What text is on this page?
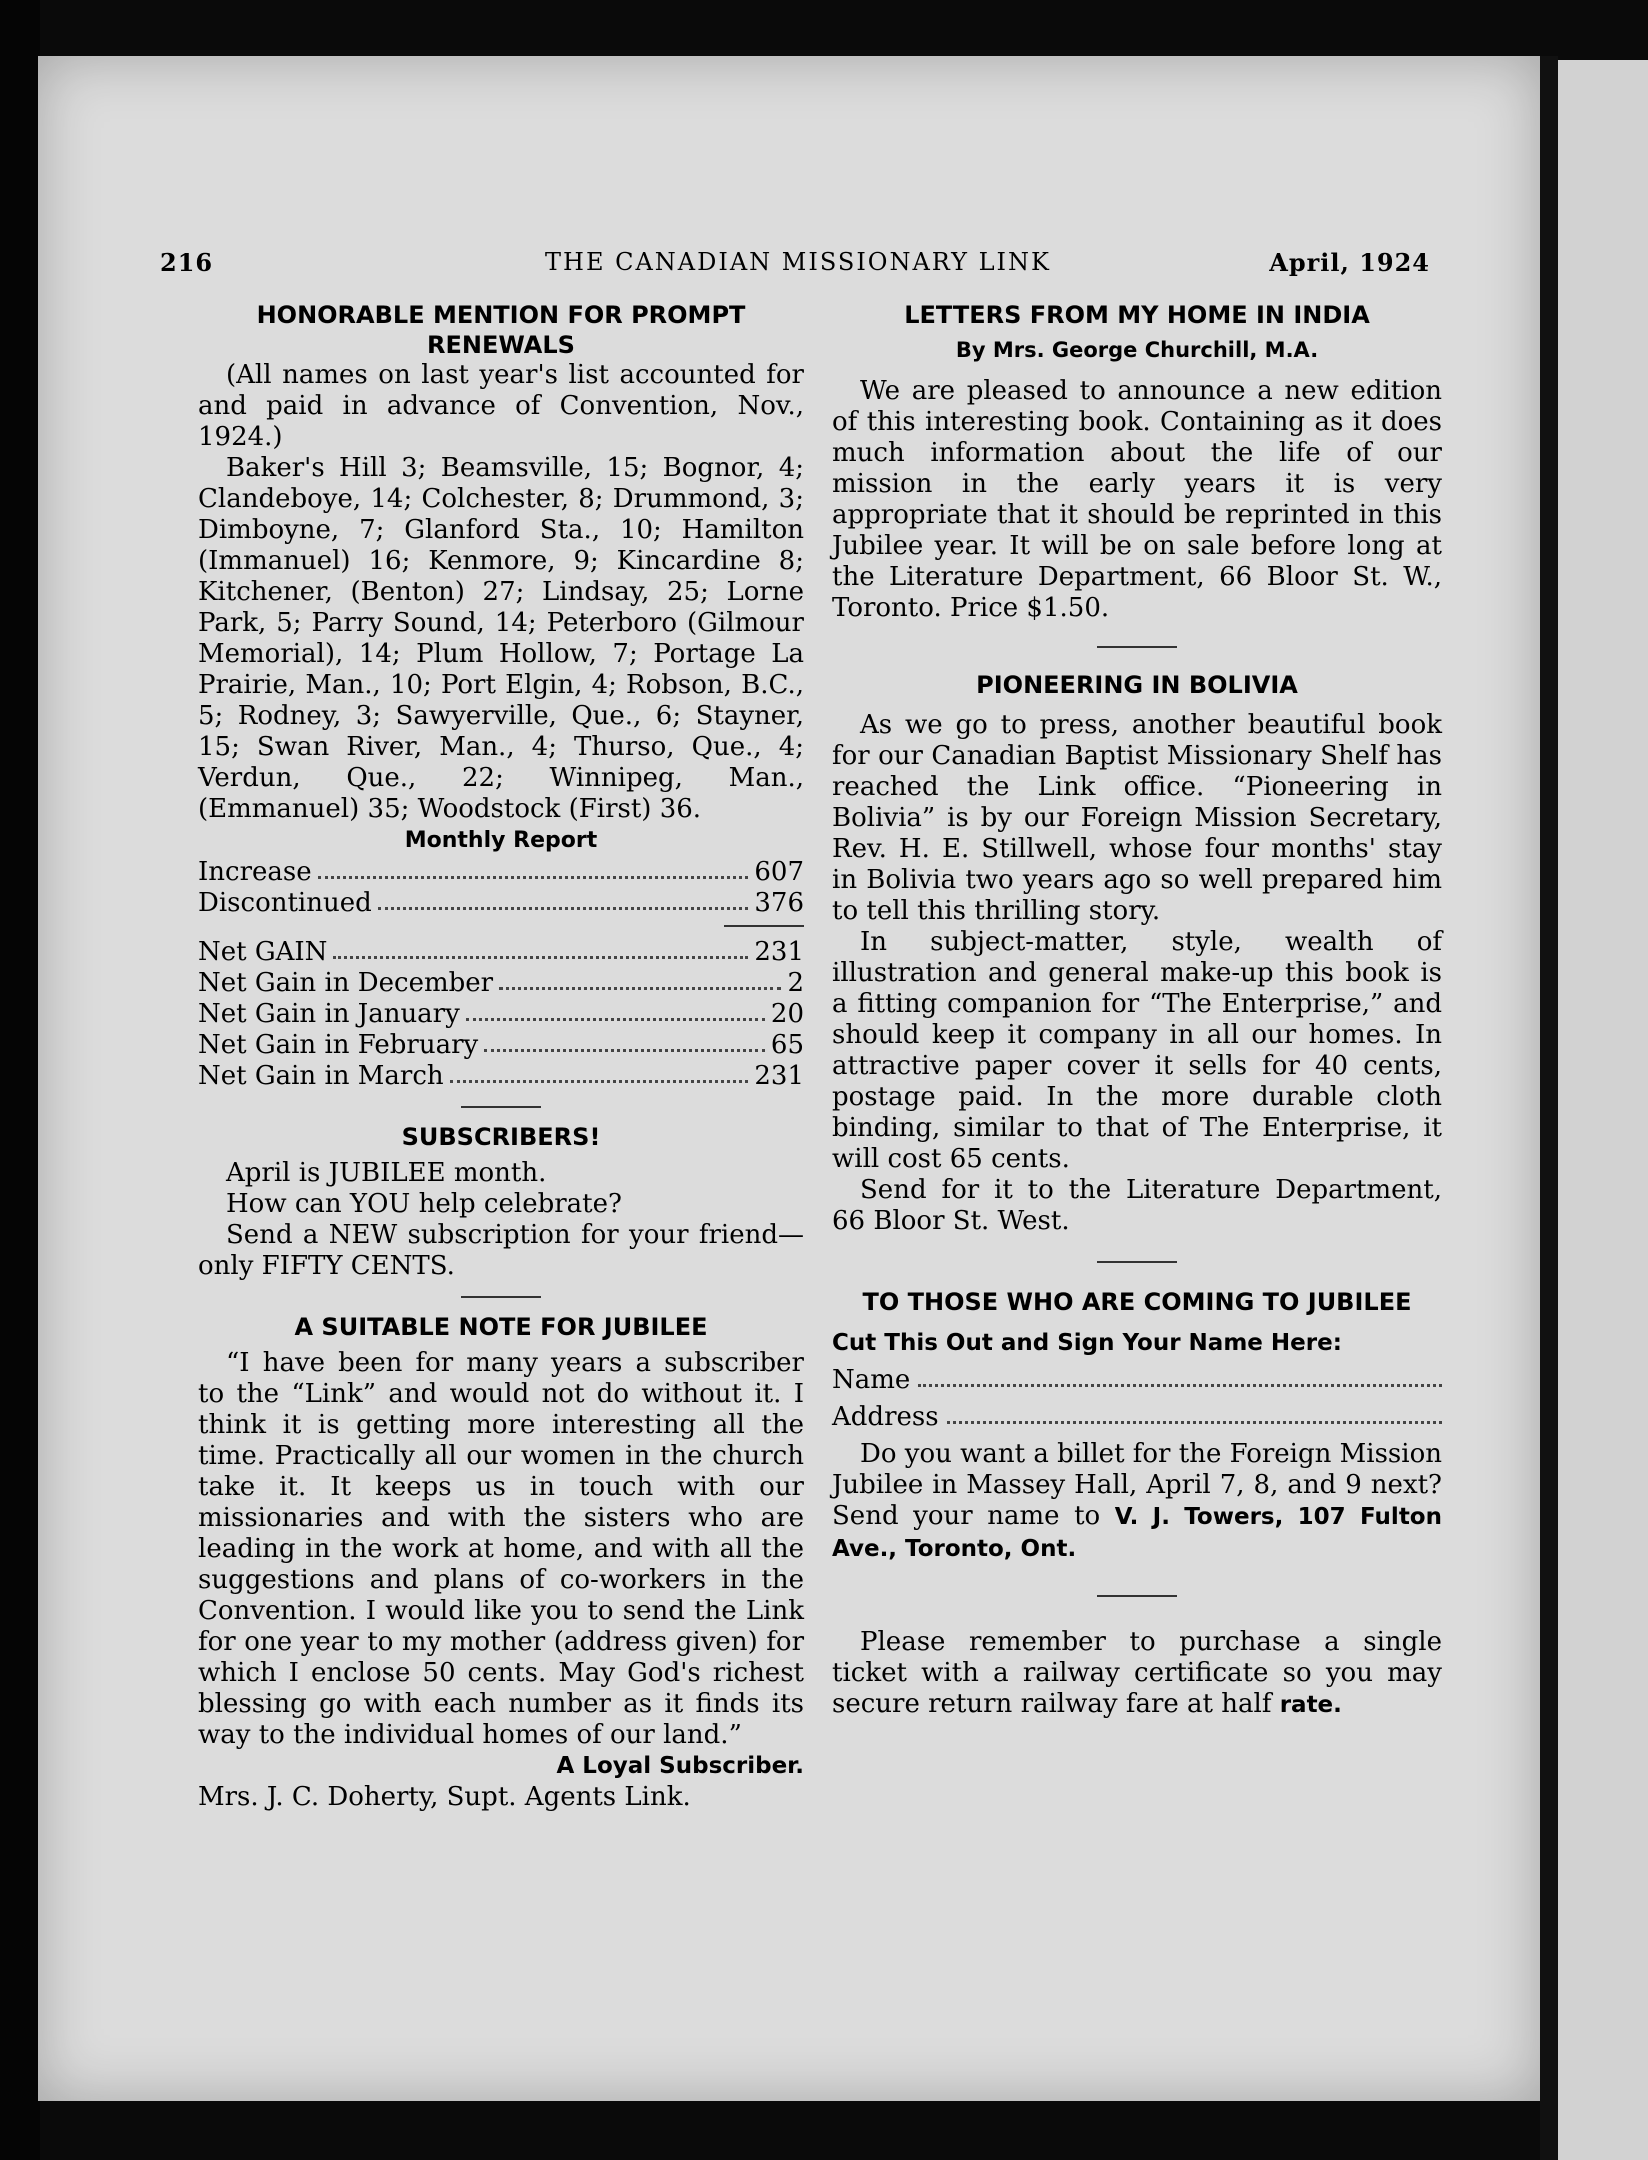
216	THE CANADIAN MISSIONARY LINK	April, 1924
HONORABLE MENTION FOR PROMPT RENEWALS

(All names on last year's list accounted for and paid in advance of Convention, Nov., 1924.)

Baker's Hill 3; Beamsville, 15; Bognor, 4; Clandeboye, 14; Colchester, 8; Drummond, 3; Dimboyne, 7; Glanford Sta., 10; Hamilton (Immanuel) 16; Kenmore, 9; Kincardine 8; Kitchener, (Benton) 27; Lindsay, 25; Lorne Park, 5; Parry Sound, 14; Peterboro (Gilmour Memorial), 14; Plum Hollow, 7; Portage La Prairie, Man., 10; Port Elgin, 4; Robson, B.C., 5; Rodney, 3; Sawyerville, Que., 6; Stayner, 15; Swan River, Man., 4; Thurso, Que., 4; Verdun, Que., 22; Winnipeg, Man., (Emmanuel) 35; Woodstock (First) 36.

Monthly Report
Increase	607
Discontinued	376
Net GAIN	231
Net Gain in December	2
Net Gain in January	20
Net Gain in February	65
Net Gain in March	231
SUBSCRIBERS!

April is JUBILEE month.

How can YOU help celebrate?

Send a NEW subscription for your friend—only FIFTY CENTS.

A SUITABLE NOTE FOR JUBILEE

“I have been for many years a subscriber to the “Link” and would not do without it. I think it is getting more interesting all the time. Practically all our women in the church take it. It keeps us in touch with our missionaries and with the sisters who are leading in the work at home, and with all the suggestions and plans of co-workers in the Convention. I would like you to send the Link for one year to my mother (address given) for which I enclose 50 cents. May God's richest blessing go with each number as it finds its way to the individual homes of our land.”

A Loyal Subscriber.

Mrs. J. C. Doherty, Supt. Agents Link.

LETTERS FROM MY HOME IN INDIA
By Mrs. George Churchill, M.A.

We are pleased to announce a new edition of this interesting book. Containing as it does much information about the life of our mission in the early years it is very appropriate that it should be reprinted in this Jubilee year. It will be on sale before long at the Literature Department, 66 Bloor St. W., Toronto. Price $1.50.

PIONEERING IN BOLIVIA

As we go to press, another beautiful book for our Canadian Baptist Missionary Shelf has reached the Link office. “Pioneering in Bolivia” is by our Foreign Mission Secretary, Rev. H. E. Stillwell, whose four months' stay in Bolivia two years ago so well prepared him to tell this thrilling story.

In subject-matter, style, wealth of illustration and general make-up this book is a fitting companion for “The Enterprise,” and should keep it company in all our homes. In attractive paper cover it sells for 40 cents, postage paid. In the more durable cloth binding, similar to that of The Enterprise, it will cost 65 cents.

Send for it to the Literature Department, 66 Bloor St. West.

TO THOSE WHO ARE COMING TO JUBILEE
Cut This Out and Sign Your Name Here:
Name
Address

Do you want a billet for the Foreign Mission Jubilee in Massey Hall, April 7, 8, and 9 next? Send your name to V. J. Towers, 107 Fulton Ave., Toronto, Ont.

Please remember to purchase a single ticket with a railway certificate so you may secure return railway fare at half rate.
